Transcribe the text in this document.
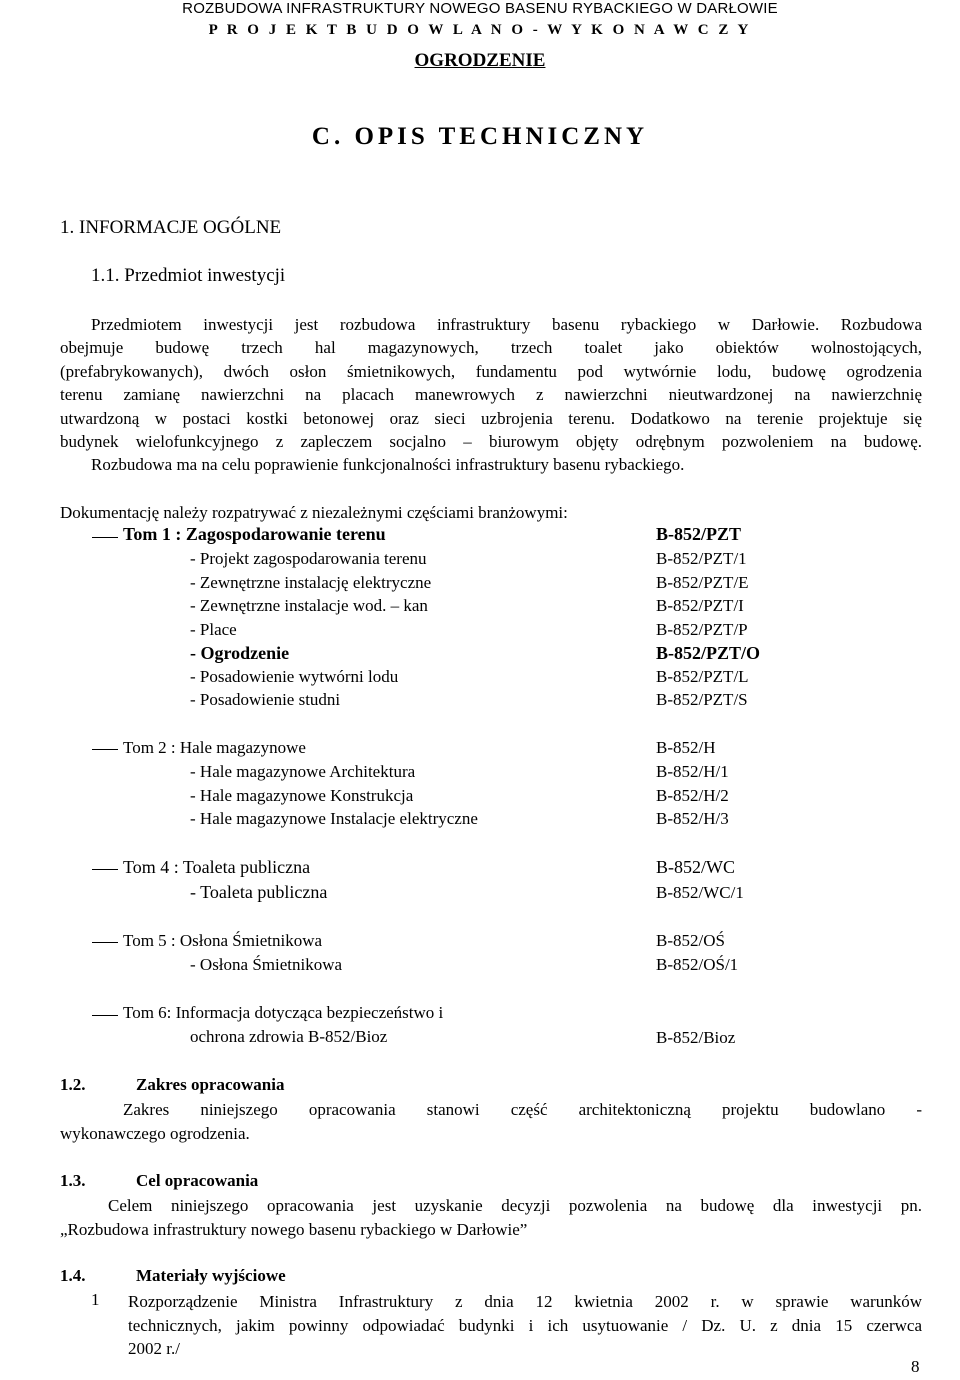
ROZBUDOWA INFRASTRUKTURY NOWEGO BASENU RYBACKIEGO W DARŁOWIE
P R O J E K T B U D O W L A N O - W Y K O N A W C Z Y
OGRODZENIE
C. OPIS TECHNICZNY
1. INFORMACJE OGÓLNE
1.1. Przedmiot inwestycji
Przedmiotem inwestycji jest rozbudowa infrastruktury basenu rybackiego w Darłowie. Rozbudowa
obejmuje budowę trzech hal magazynowych, trzech toalet jako obiektów wolnostojących,
(prefabrykowanych), dwóch osłon śmietnikowych, fundamentu pod wytwórnie lodu, budowę ogrodzenia
terenu zamianę nawierzchni na placach manewrowych z nawierzchni nieutwardzonej na nawierzchnię
utwardzoną w postaci kostki betonowej oraz sieci uzbrojenia terenu. Dodatkowo na terenie projektuje się
budynek wielofunkcyjnego z zapleczem socjalno – biurowym objęty odrębnym pozwoleniem na budowę.
Rozbudowa ma na celu poprawienie funkcjonalności infrastruktury basenu rybackiego.
Dokumentację należy rozpatrywać z niezależnymi częściami branżowymi:
Tom 1 : Zagospodarowanie terenu	B-852/PZT
- Projekt zagospodarowania terenu	B-852/PZT/1
- Zewnętrzne instalację elektryczne	B-852/PZT/E
- Zewnętrzne instalacje wod. – kan	B-852/PZT/I
- Place	B-852/PZT/P
- Ogrodzenie	B-852/PZT/O
- Posadowienie wytwórni lodu	B-852/PZT/L
- Posadowienie studni	B-852/PZT/S
Tom 2 : Hale magazynowe	B-852/H
- Hale magazynowe Architektura	B-852/H/1
- Hale magazynowe Konstrukcja	B-852/H/2
- Hale magazynowe Instalacje elektryczne	B-852/H/3
Tom 4 : Toaleta publiczna	B-852/WC
- Toaleta publiczna	B-852/WC/1
Tom 5 : Osłona Śmietnikowa	B-852/OŚ
- Osłona Śmietnikowa	B-852/OŚ/1
Tom 6: Informacja dotycząca bezpieczeństwo i
ochrona zdrowia B-852/Bioz	B-852/Bioz
1.2.	Zakres opracowania
Zakres niniejszego opracowania stanowi część architektoniczną projektu budowlano -
wykonawczego ogrodzenia.
1.3.	Cel opracowania
Celem niniejszego opracowania jest uzyskanie decyzji pozwolenia na budowę dla inwestycji pn.
„Rozbudowa infrastruktury nowego basenu rybackiego w Darłowie”
1.4.	Materiały wyjściowe
1 Rozporządzenie Ministra Infrastruktury z dnia 12 kwietnia 2002 r. w sprawie warunków
technicznych, jakim powinny odpowiadać budynki i ich usytuowanie / Dz. U. z dnia 15 czerwca
2002 r./
8
